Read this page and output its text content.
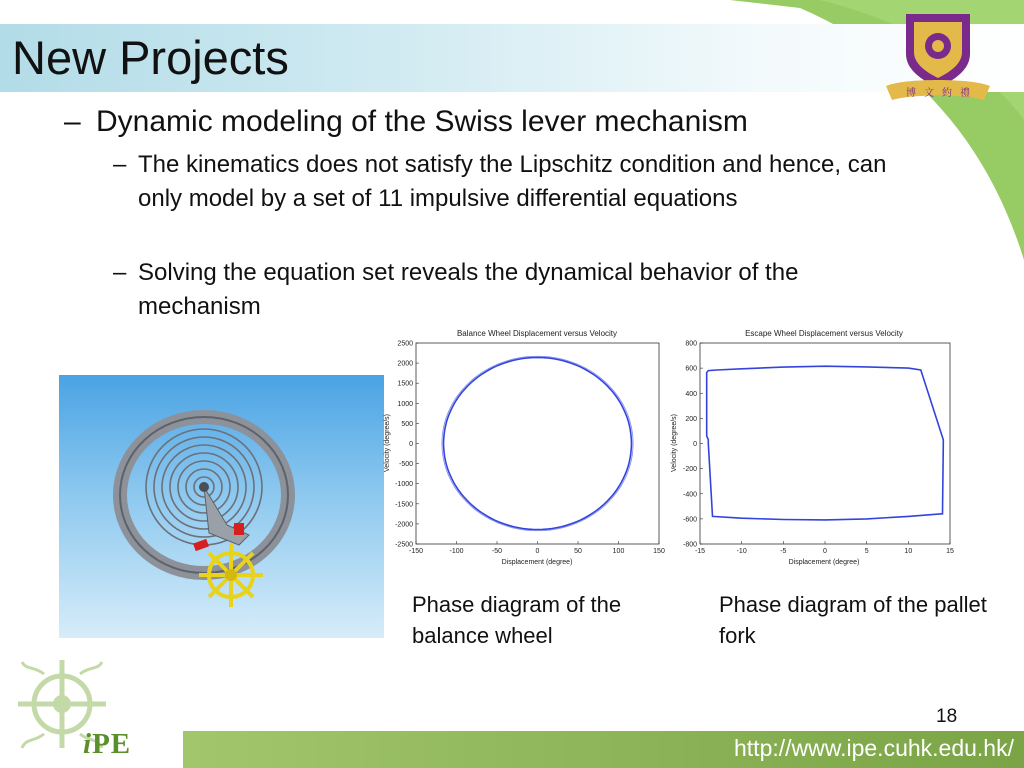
New Projects
博 文 約 禮
– Dynamic modeling of the Swiss lever mechanism
– The kinematics does not satisfy the Lipschitz condition and hence, can only model by a set of 11 impulsive differential equations
– Solving the equation set reveals the dynamical behavior of the mechanism
Balance Wheel Displacement versus Velocity
2500
2000
1500
1000
500
0
-500
-1000
-1500
-2000
-2500
-150	-100	-50	0	50	100	150
Displacement (degree)
Velocity (degree/s)
Escape Wheel Displacement versus Velocity
800
600
400
200
0
-200
-400
-600
-800
-15	-10	-5	0	5	10	15
Displacement (degree)
Velocity (degree/s)
Phase diagram of the balance wheel
Phase diagram of the pallet fork
iPE
18
http://www.ipe.cuhk.edu.hk/
